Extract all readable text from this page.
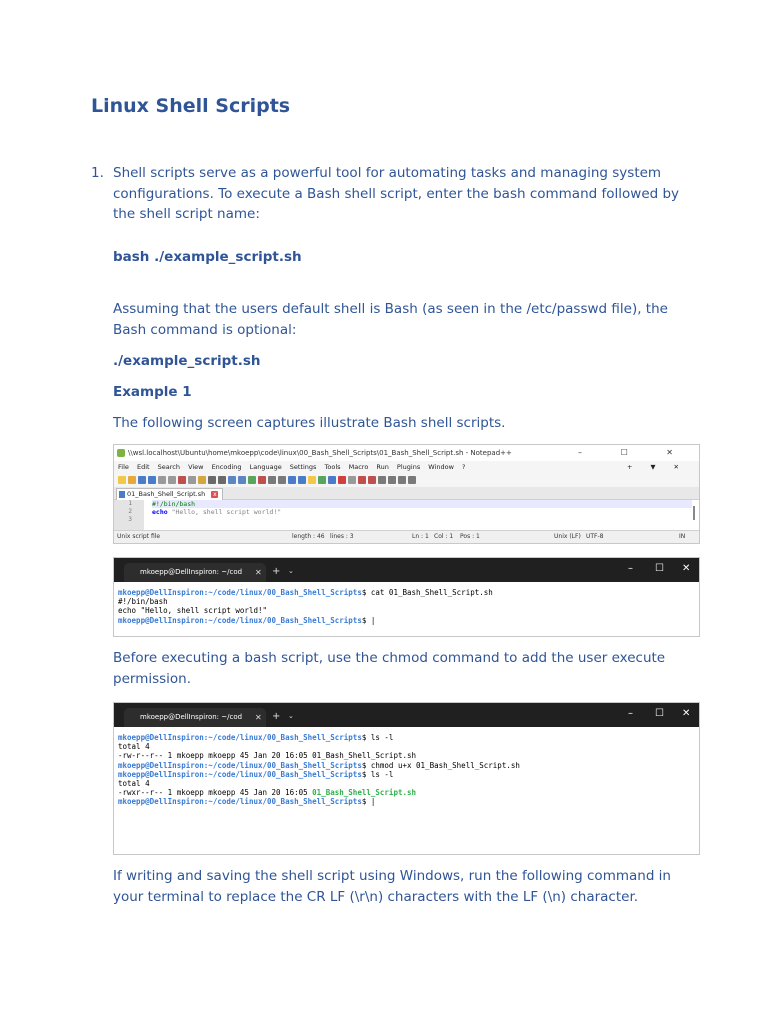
Linux Shell Scripts
1. Shell scripts serve as a powerful tool for automating tasks and managing system configurations. To execute a Bash shell script, enter the bash command followed by the shell script name:

bash ./example_script.sh

Assuming that the users default shell is Bash (as seen in the /etc/passwd file), the Bash command is optional:

./example_script.sh

Example 1

The following screen captures illustrate Bash shell scripts.

\\wsl.localhost\Ubuntu\home\mkoepp\code\linux\00_Bash_Shell_Scripts\01_Bash_Shell_Script.sh - Notepad++	– ☐ ✕
File Edit Search View Encoding Language Settings Tools Macro Run Plugins Window ?	+ ▼ ✕
01_Bash_Shell_Script.sh x
1
2
3
#!/bin/bash
echo "Hello, shell script world!"
Unix script file	length : 46 lines : 3	Ln : 1 Col : 1 Pos : 1	Unix (LF) UTF-8	IN
mkoepp@DellInspiron: ~/cod ✕ + ⌄	– ☐ ✕
mkoepp@DellInspiron:~/code/linux/00_Bash_Shell_Scripts$ cat 01_Bash_Shell_Script.sh
#!/bin/bash
echo "Hello, shell script world!"
mkoepp@DellInspiron:~/code/linux/00_Bash_Shell_Scripts$ |

Before executing a bash script, use the chmod command to add the user execute permission.

mkoepp@DellInspiron: ~/cod ✕ + ⌄	– ☐ ✕
mkoepp@DellInspiron:~/code/linux/00_Bash_Shell_Scripts$ ls -l
total 4
-rw-r--r-- 1 mkoepp mkoepp 45 Jan 20 16:05 01_Bash_Shell_Script.sh
mkoepp@DellInspiron:~/code/linux/00_Bash_Shell_Scripts$ chmod u+x 01_Bash_Shell_Script.sh
mkoepp@DellInspiron:~/code/linux/00_Bash_Shell_Scripts$ ls -l
total 4
-rwxr--r-- 1 mkoepp mkoepp 45 Jan 20 16:05 01_Bash_Shell_Script.sh
mkoepp@DellInspiron:~/code/linux/00_Bash_Shell_Scripts$ |

If writing and saving the shell script using Windows, run the following command in your terminal to replace the CR LF (\r\n) characters with the LF (\n) character.
